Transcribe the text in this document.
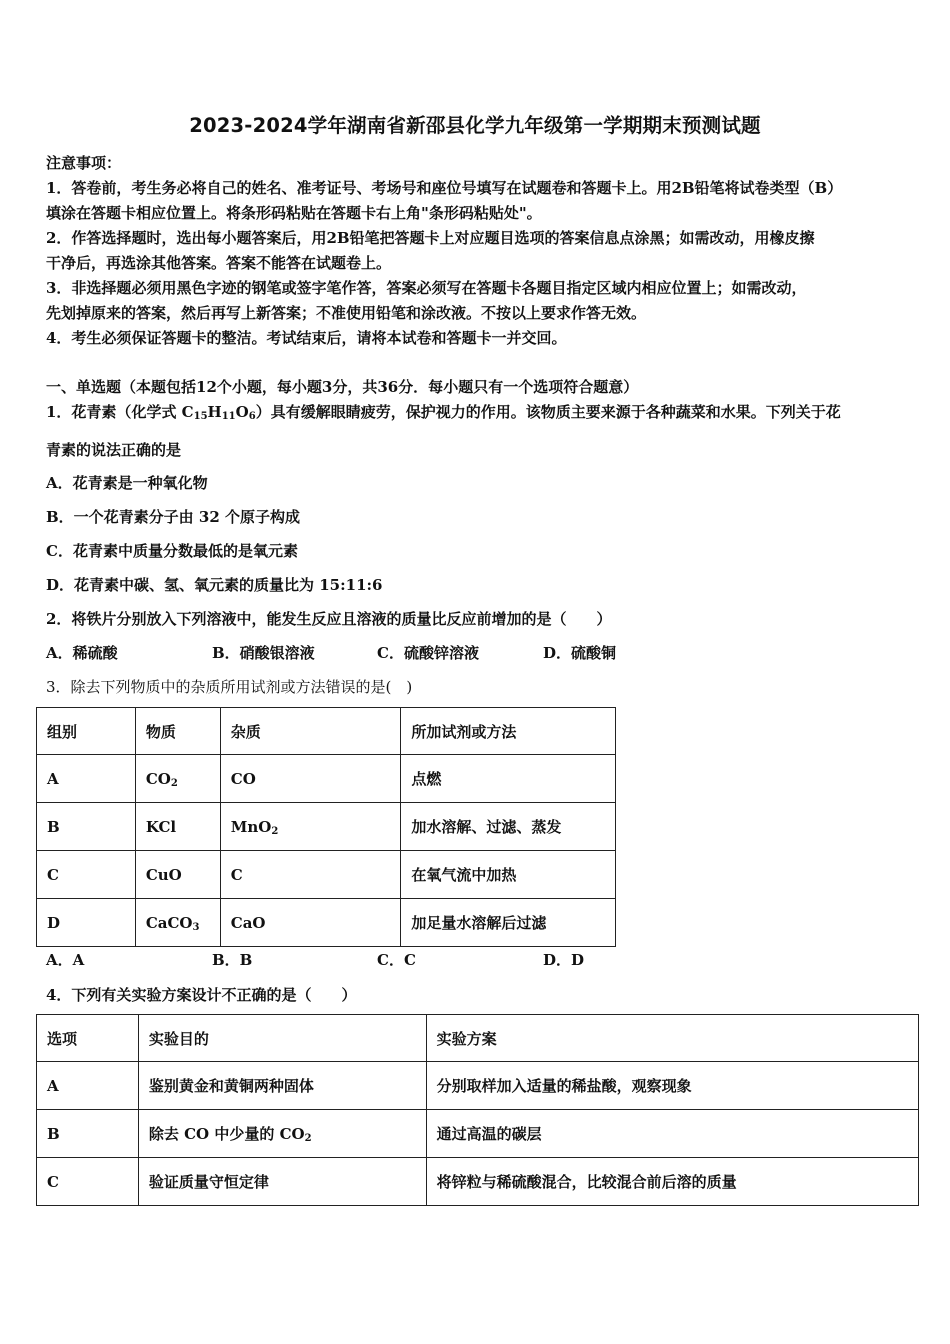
2023-2024学年湖南省新邵县化学九年级第一学期期末预测试题
注意事项：
1．答卷前，考生务必将自己的姓名、准考证号、考场号和座位号填写在试题卷和答题卡上。用2B铅笔将试卷类型（B）
填涂在答题卡相应位置上。将条形码粘贴在答题卡右上角"条形码粘贴处"。
2．作答选择题时，选出每小题答案后，用2B铅笔把答题卡上对应题目选项的答案信息点涂黑；如需改动，用橡皮擦
干净后，再选涂其他答案。答案不能答在试题卷上。
3．非选择题必须用黑色字迹的钢笔或签字笔作答，答案必须写在答题卡各题目指定区域内相应位置上；如需改动，
先划掉原来的答案，然后再写上新答案；不准使用铅笔和涂改液。不按以上要求作答无效。
4．考生必须保证答题卡的整洁。考试结束后，请将本试卷和答题卡一并交回。
一、单选题（本题包括12个小题，每小题3分，共36分．每小题只有一个选项符合题意）
1．花青素（化学式 $C_{15}H_{11}O_6$）具有缓解眼睛疲劳，保护视力的作用。该物质主要来源于各种蔬菜和水果。下列关于花
青素的说法正确的是
A．花青素是一种氧化物
B．一个花青素分子由 32 个原子构成
C．花青素中质量分数最低的是氧元素
D．花青素中碳、氢、氧元素的质量比为 15:11:6
2．将铁片分别放入下列溶液中，能发生反应且溶液的质量比反应前增加的是（　　）
A．稀硫酸	B．硝酸银溶液	C．硫酸锌溶液	D．硫酸铜
3．除去下列物质中的杂质所用试剂或方法错误的是(　)
组别	物质	杂质	所加试剂或方法
A	$CO_2$	CO	点燃
B	KCl	MnO$_2$	加水溶解、过滤、蒸发
C	CuO	C	在氧气流中加热
D	CaCO$_3$	CaO	加足量水溶解后过滤
A．A	B．B	C．C	D．D
4．下列有关实验方案设计不正确的是（　　）
选项	实验目的	实验方案
A	鉴别黄金和黄铜两种固体	分别取样加入适量的稀盐酸，观察现象
B	除去 CO 中少量的 $CO_2$	通过高温的碳层
C	验证质量守恒定律	将锌粒与稀硫酸混合，比较混合前后溶的质量
